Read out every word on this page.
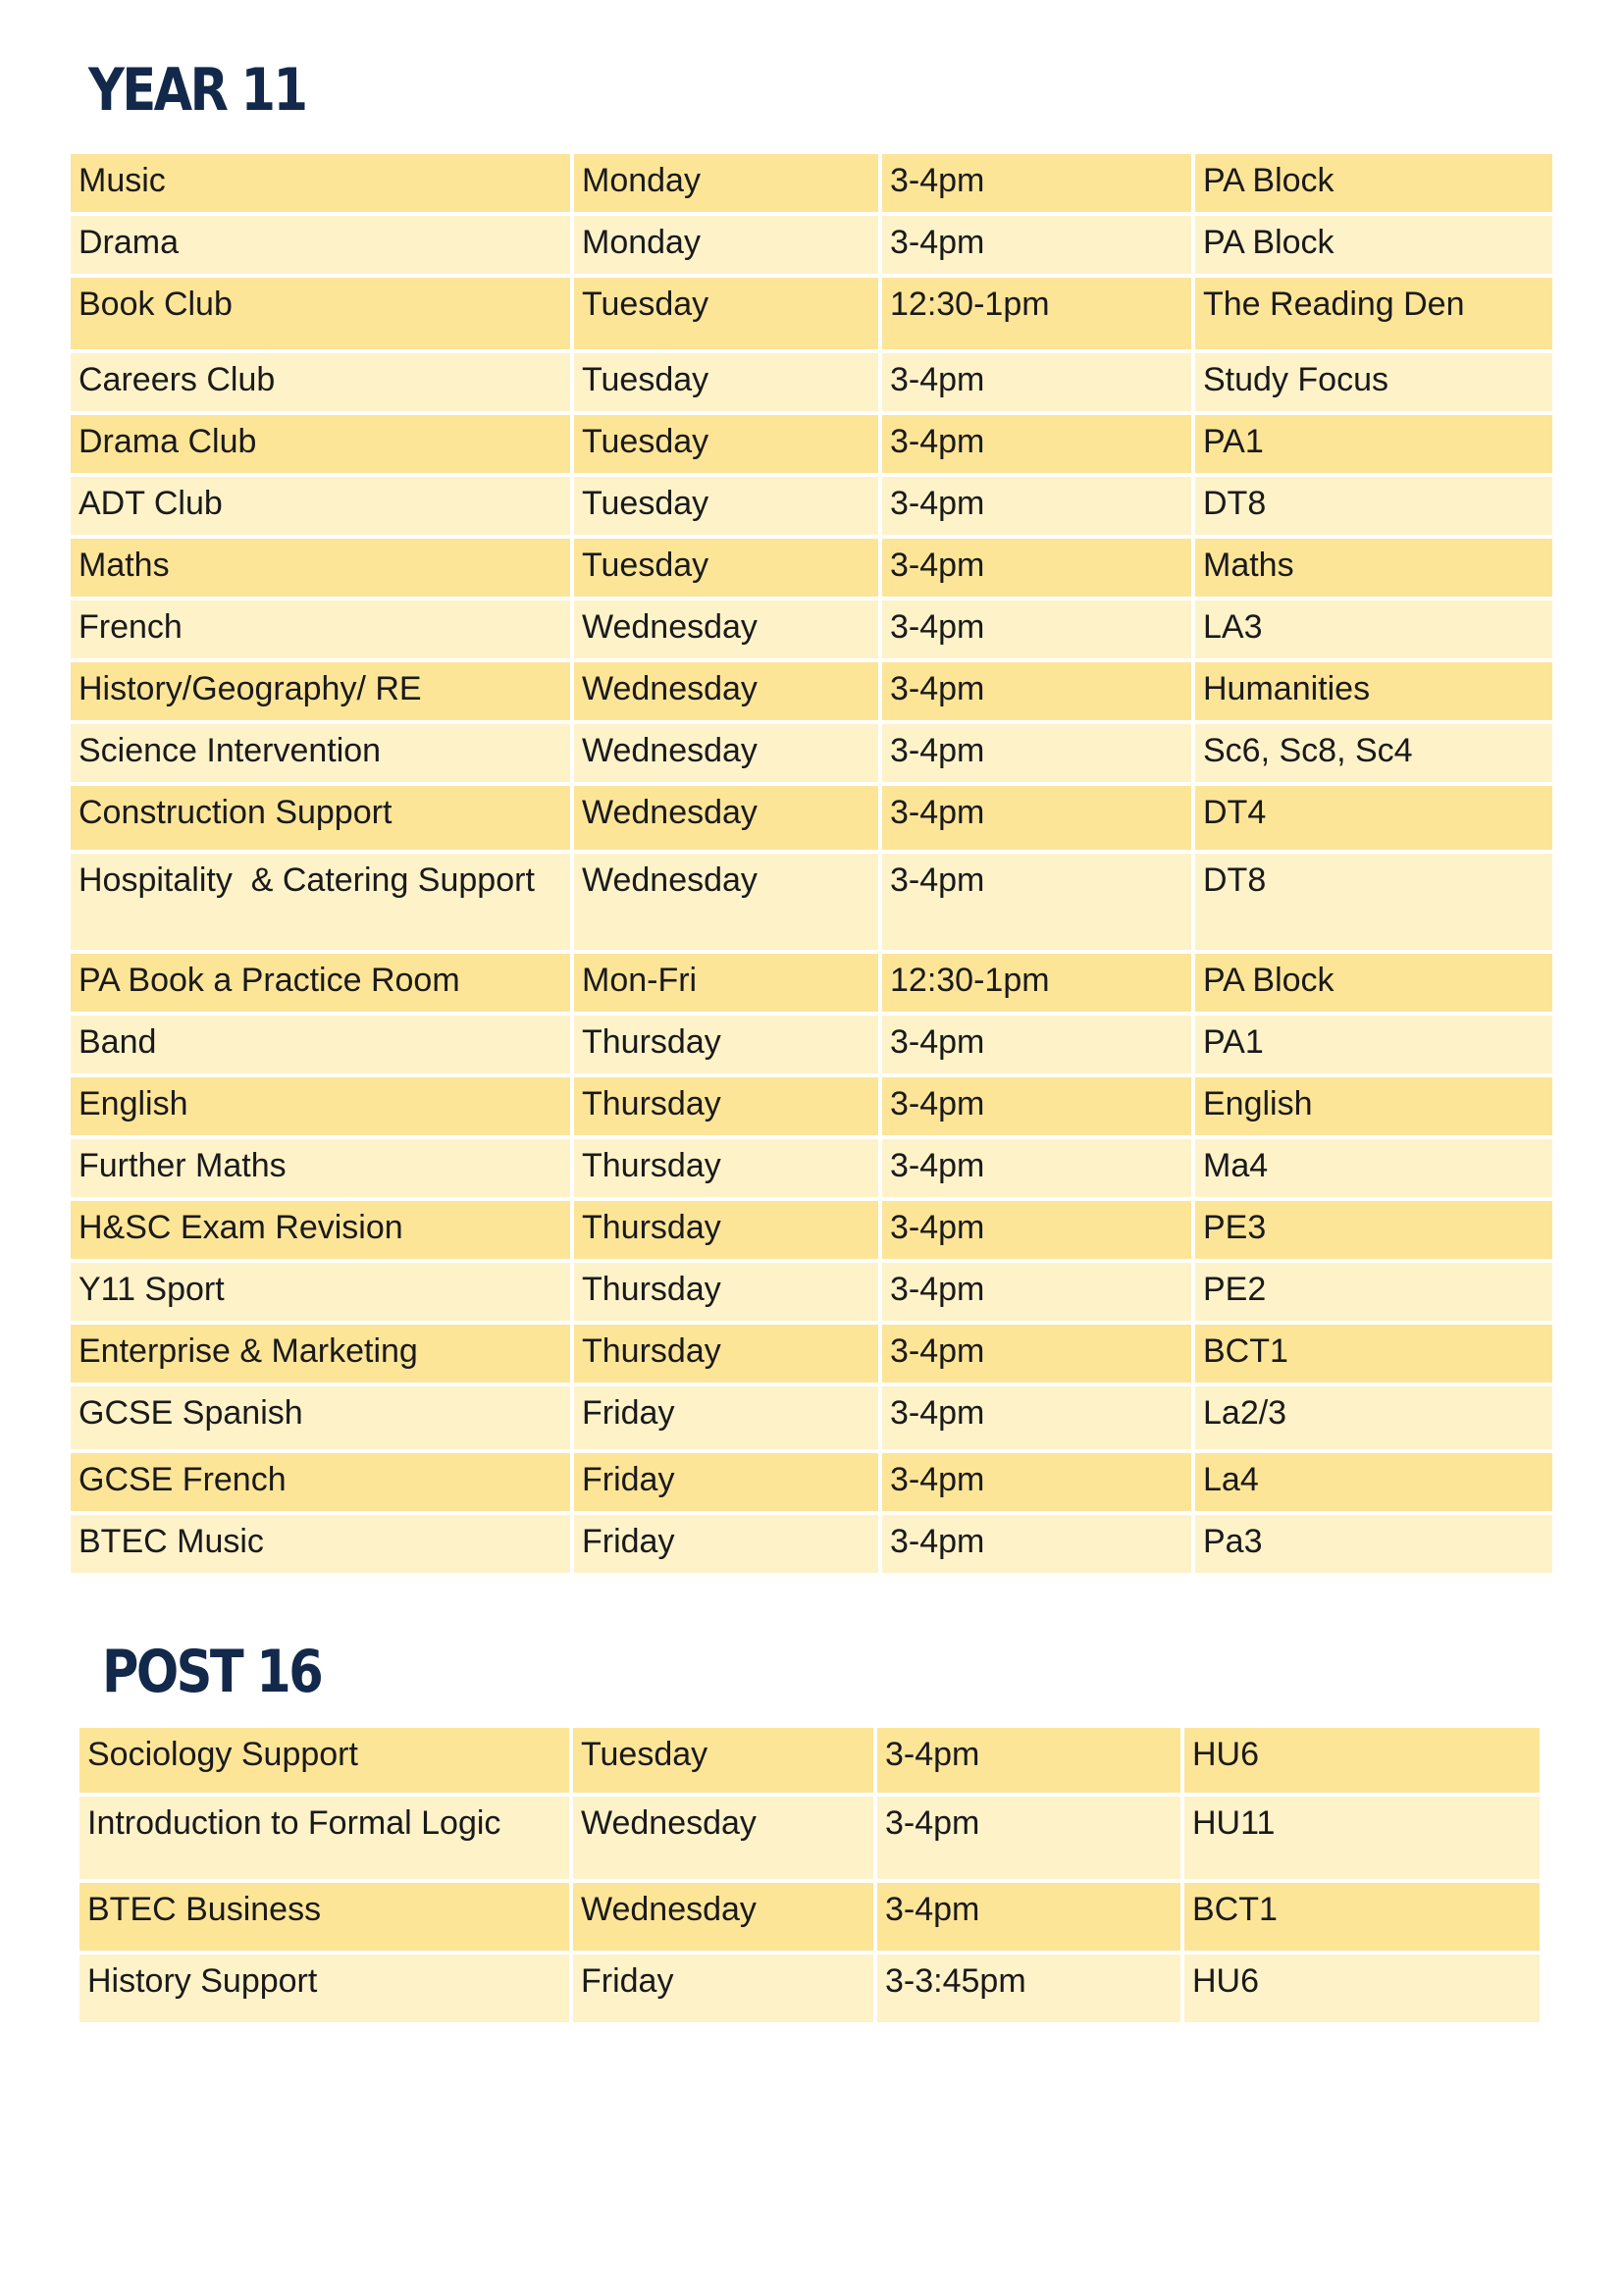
YEAR 11
Music	Monday	3-4pm	PA Block
Drama	Monday	3-4pm	PA Block
Book Club	Tuesday	12:30-1pm	The Reading Den
Careers Club	Tuesday	3-4pm	Study Focus
Drama Club	Tuesday	3-4pm	PA1
ADT Club	Tuesday	3-4pm	DT8
Maths	Tuesday	3-4pm	Maths
French	Wednesday	3-4pm	LA3
History/Geography/ RE	Wednesday	3-4pm	Humanities
Science Intervention	Wednesday	3-4pm	Sc6, Sc8, Sc4
Construction Support	Wednesday	3-4pm	DT4
Hospitality  & Catering Support	Wednesday	3-4pm	DT8
PA Book a Practice Room	Mon-Fri	12:30-1pm	PA Block
Band	Thursday	3-4pm	PA1
English	Thursday	3-4pm	English
Further Maths	Thursday	3-4pm	Ma4
H&SC Exam Revision	Thursday	3-4pm	PE3
Y11 Sport	Thursday	3-4pm	PE2
Enterprise & Marketing	Thursday	3-4pm	BCT1
GCSE Spanish	Friday	3-4pm	La2/3
GCSE French	Friday	3-4pm	La4
BTEC Music	Friday	3-4pm	Pa3
POST 16
Sociology Support	Tuesday	3-4pm	HU6
Introduction to Formal Logic	Wednesday	3-4pm	HU11
BTEC Business	Wednesday	3-4pm	BCT1
History Support	Friday	3-3:45pm	HU6
